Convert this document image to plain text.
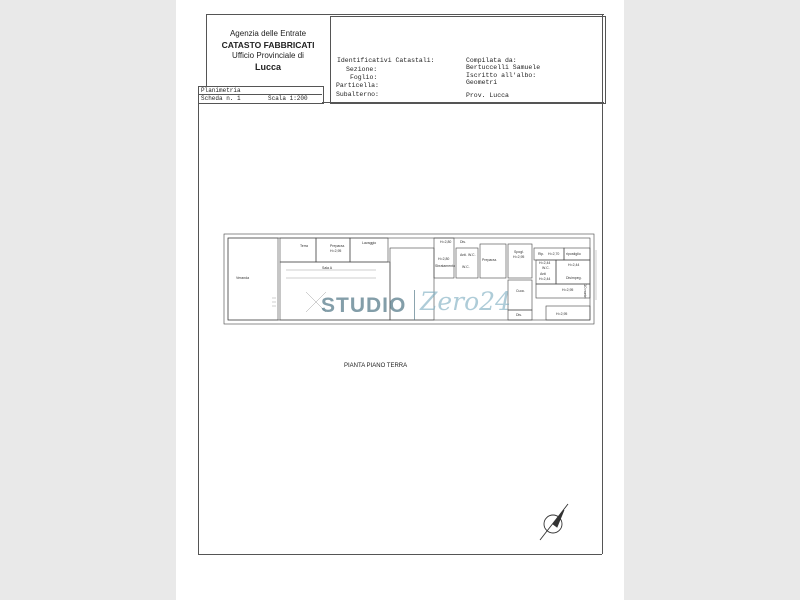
Agenzia delle Entrate
CATASTO FABBRICATI
Ufficio Provinciale di
Lucca
Identificativi Catastali:
Sezione:
Foglio:
Particella:
Subalterno:
Compilata da:
Bertuccelli Samuele
Iscritto all'albo:
Geometri
Prov. Lucca
Planimetria
Scheda n. 1	Scala 1:200
Veranda
Terra	Preparaz.
H=2,95
Lavaggio
Sala A
H=2,80 Dis.
H=2,80
Sbratamento
Anti. W.C.
W.C.
Preparaz.
Spogl.
H=2,95
Rip. H=2,70 ripostiglio
H=2,44
W.C.
H=2,44
Anti
H=2,44	Disimpeg.
Cuoc.	H=2,95
Dis.	H=2,95
10 metri
STUDIO Zero24
PIANTA PIANO TERRA
